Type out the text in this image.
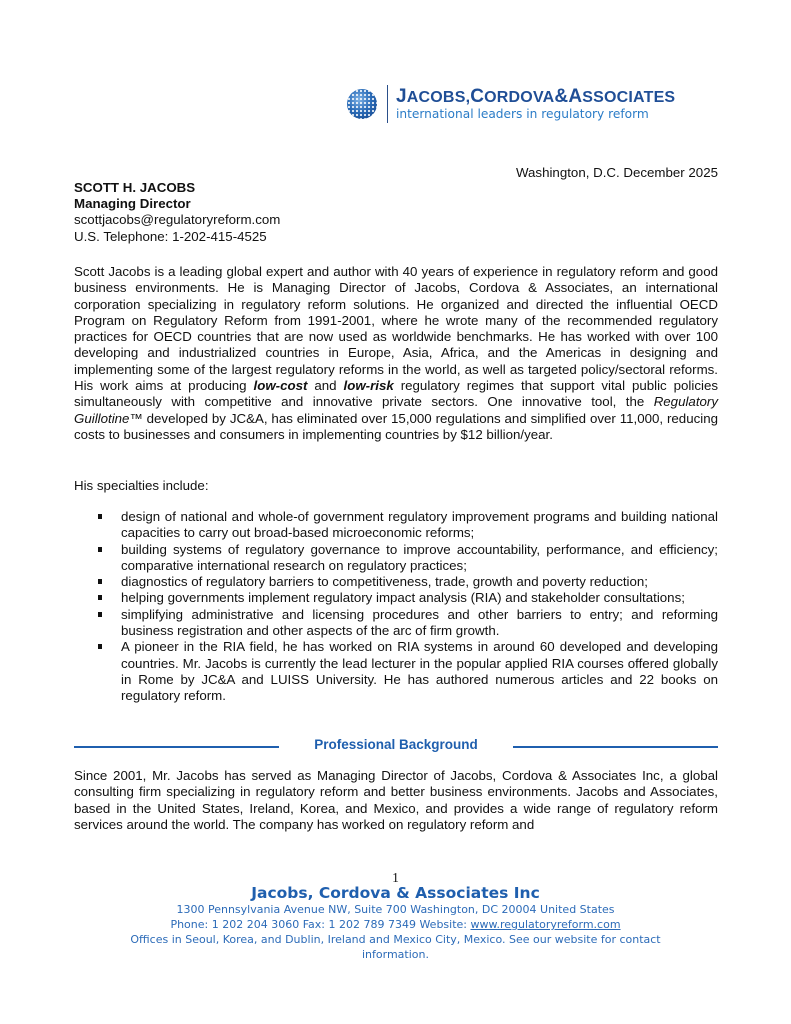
JACOBS,CORDOVA&ASSOCIATES
international leaders in regulatory reform
Washington, D.C. December 2025
SCOTT H. JACOBS
Managing Director
scottjacobs@regulatoryreform.com
U.S. Telephone: 1-202-415-4525
Scott Jacobs is a leading global expert and author with 40 years of experience in regulatory reform and good business environments. He is Managing Director of Jacobs, Cordova & Associates, an international corporation specializing in regulatory reform solutions. He organized and directed the influential OECD Program on Regulatory Reform from 1991-2001, where he wrote many of the recommended regulatory practices for OECD countries that are now used as worldwide benchmarks. He has worked with over 100 developing and industrialized countries in Europe, Asia, Africa, and the Americas in designing and implementing some of the largest regulatory reforms in the world, as well as targeted policy/sectoral reforms. His work aims at producing low-cost and low-risk regulatory regimes that support vital public policies simultaneously with competitive and innovative private sectors. One innovative tool, the Regulatory Guillotine™ developed by JC&A, has eliminated over 15,000 regulations and simplified over 11,000, reducing costs to businesses and consumers in implementing countries by $12 billion/year.
His specialties include:
design of national and whole-of government regulatory improvement programs and building national capacities to carry out broad-based microeconomic reforms;
building systems of regulatory governance to improve accountability, performance, and efficiency; comparative international research on regulatory practices;
diagnostics of regulatory barriers to competitiveness, trade, growth and poverty reduction;
helping governments implement regulatory impact analysis (RIA) and stakeholder consultations;
simplifying administrative and licensing procedures and other barriers to entry; and reforming business registration and other aspects of the arc of firm growth.
A pioneer in the RIA field, he has worked on RIA systems in around 60 developed and developing countries. Mr. Jacobs is currently the lead lecturer in the popular applied RIA courses offered globally in Rome by JC&A and LUISS University. He has authored numerous articles and 22 books on regulatory reform.
Professional Background
Since 2001, Mr. Jacobs has served as Managing Director of Jacobs, Cordova & Associates Inc, a global consulting firm specializing in regulatory reform and better business environments. Jacobs and Associates, based in the United States, Ireland, Korea, and Mexico, and provides a wide range of regulatory reform services around the world. The company has worked on regulatory reform and
1
Jacobs, Cordova & Associates Inc
1300 Pennsylvania Avenue NW, Suite 700 Washington, DC 20004 United States
Phone: 1 202 204 3060 Fax: 1 202 789 7349 Website: www.regulatoryreform.com
Offices in Seoul, Korea, and Dublin, Ireland and Mexico City, Mexico. See our website for contact information.
